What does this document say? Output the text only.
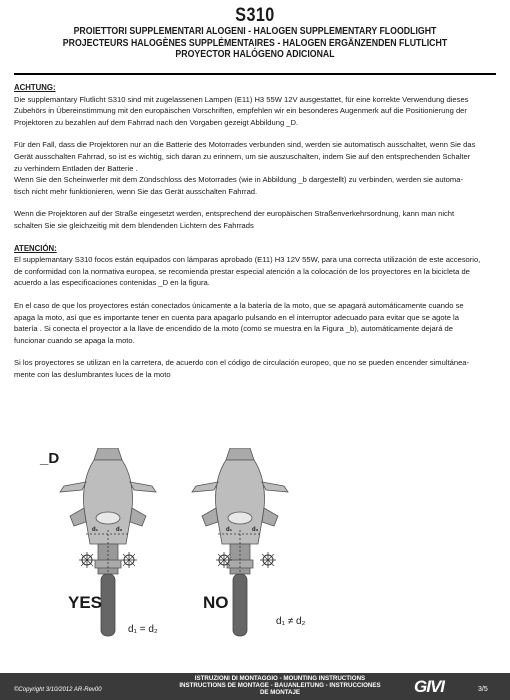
S310
PROIETTORI SUPPLEMENTARI ALOGENI - HALOGEN SUPPLEMENTARY FLOODLIGHT
PROJECTEURS HALOGÈNES SUPPLÉMENTAIRES - HALOGEN ERGÄNZENDEN FLUTLICHT
PROYECTOR HALÓGENO ADICIONAL

ACHTUNG:

Die supplemantary Flutlicht S310 sind mit zugelassenen Lampen (E11) H3 55W 12V ausgestattet, für eine korrekte Verwendung dieses

Zubehörs in Übereinstimmung mit den europäischen Vorschriften, empfehlen wir ein besonderes Augenmerk auf die Positionierung der

Projektoren zu bezahlen auf dem Fahrrad nach den Vorgaben gezeigt Abbildung _D.

Für den Fall, dass die Projektoren nur an die Batterie des Motorrades verbunden sind, werden sie automatisch ausschaltet, wenn Sie das

Gerät ausschalten Fahrrad, so ist es wichtig, sich daran zu erinnern, um sie auszuschalten, indem Sie auf den entsprechenden Schalter

zu verhindern Entladen der Batterie .

Wenn Sie den Scheinwerfer mit dem Zündschloss des Motorrades (wie in Abbildung _b dargestellt) zu verbinden, werden sie automa-

tisch nicht mehr funktionieren, wenn Sie das Gerät ausschalten Fahrrad.

Wenn die Projektoren auf der Straße eingesetzt werden, entsprechend der europäischen Straßenverkehrsordnung, kann man nicht

schalten Sie sie gleichzeitig mit dem blendenden Lichtern des Fahrrads

ATENCIÓN:

El supplemantary S310 focos están equipados con lámparas aprobado (E11) H3 12V 55W, para una correcta utilización de este accesorio,

de conformidad con la normativa europea, se recomienda prestar especial atención a la colocación de los proyectores en la bicicleta de

acuerdo a las especificaciones contenidas _D en la figura.

En el caso de que los proyectores están conectados únicamente a la batería de la moto, que se apagará automáticamente cuando se

apaga la moto, así que es importante tener en cuenta para apagarlo pulsando en el interruptor adecuado para evitar que se agote la

batería . Si conecta el proyector a la llave de encendido de la moto (como se muestra en la Figura _b), automáticamente dejará de

funcionar cuando se apaga la moto.

Si los proyectores se utilizan en la carretera, de acuerdo con el código de circulación europeo, que no se pueden encender simultánea-

mente con las deslumbrantes luces de la moto

_D
d₁	d₂	d₁	d₂
YES	NO
d₁ = d₂
d₁ ≠ d₂
©Copyright 3/10/2012 AR-Rev00
ISTRUZIONI DI MONTAGGIO - MOUNTING INSTRUCTIONS
INSTRUCTIONS DE MONTAGE - BAUANLEITUNG - INSTRUCCIONES
DE MONTAJE	GIVI	3/5
